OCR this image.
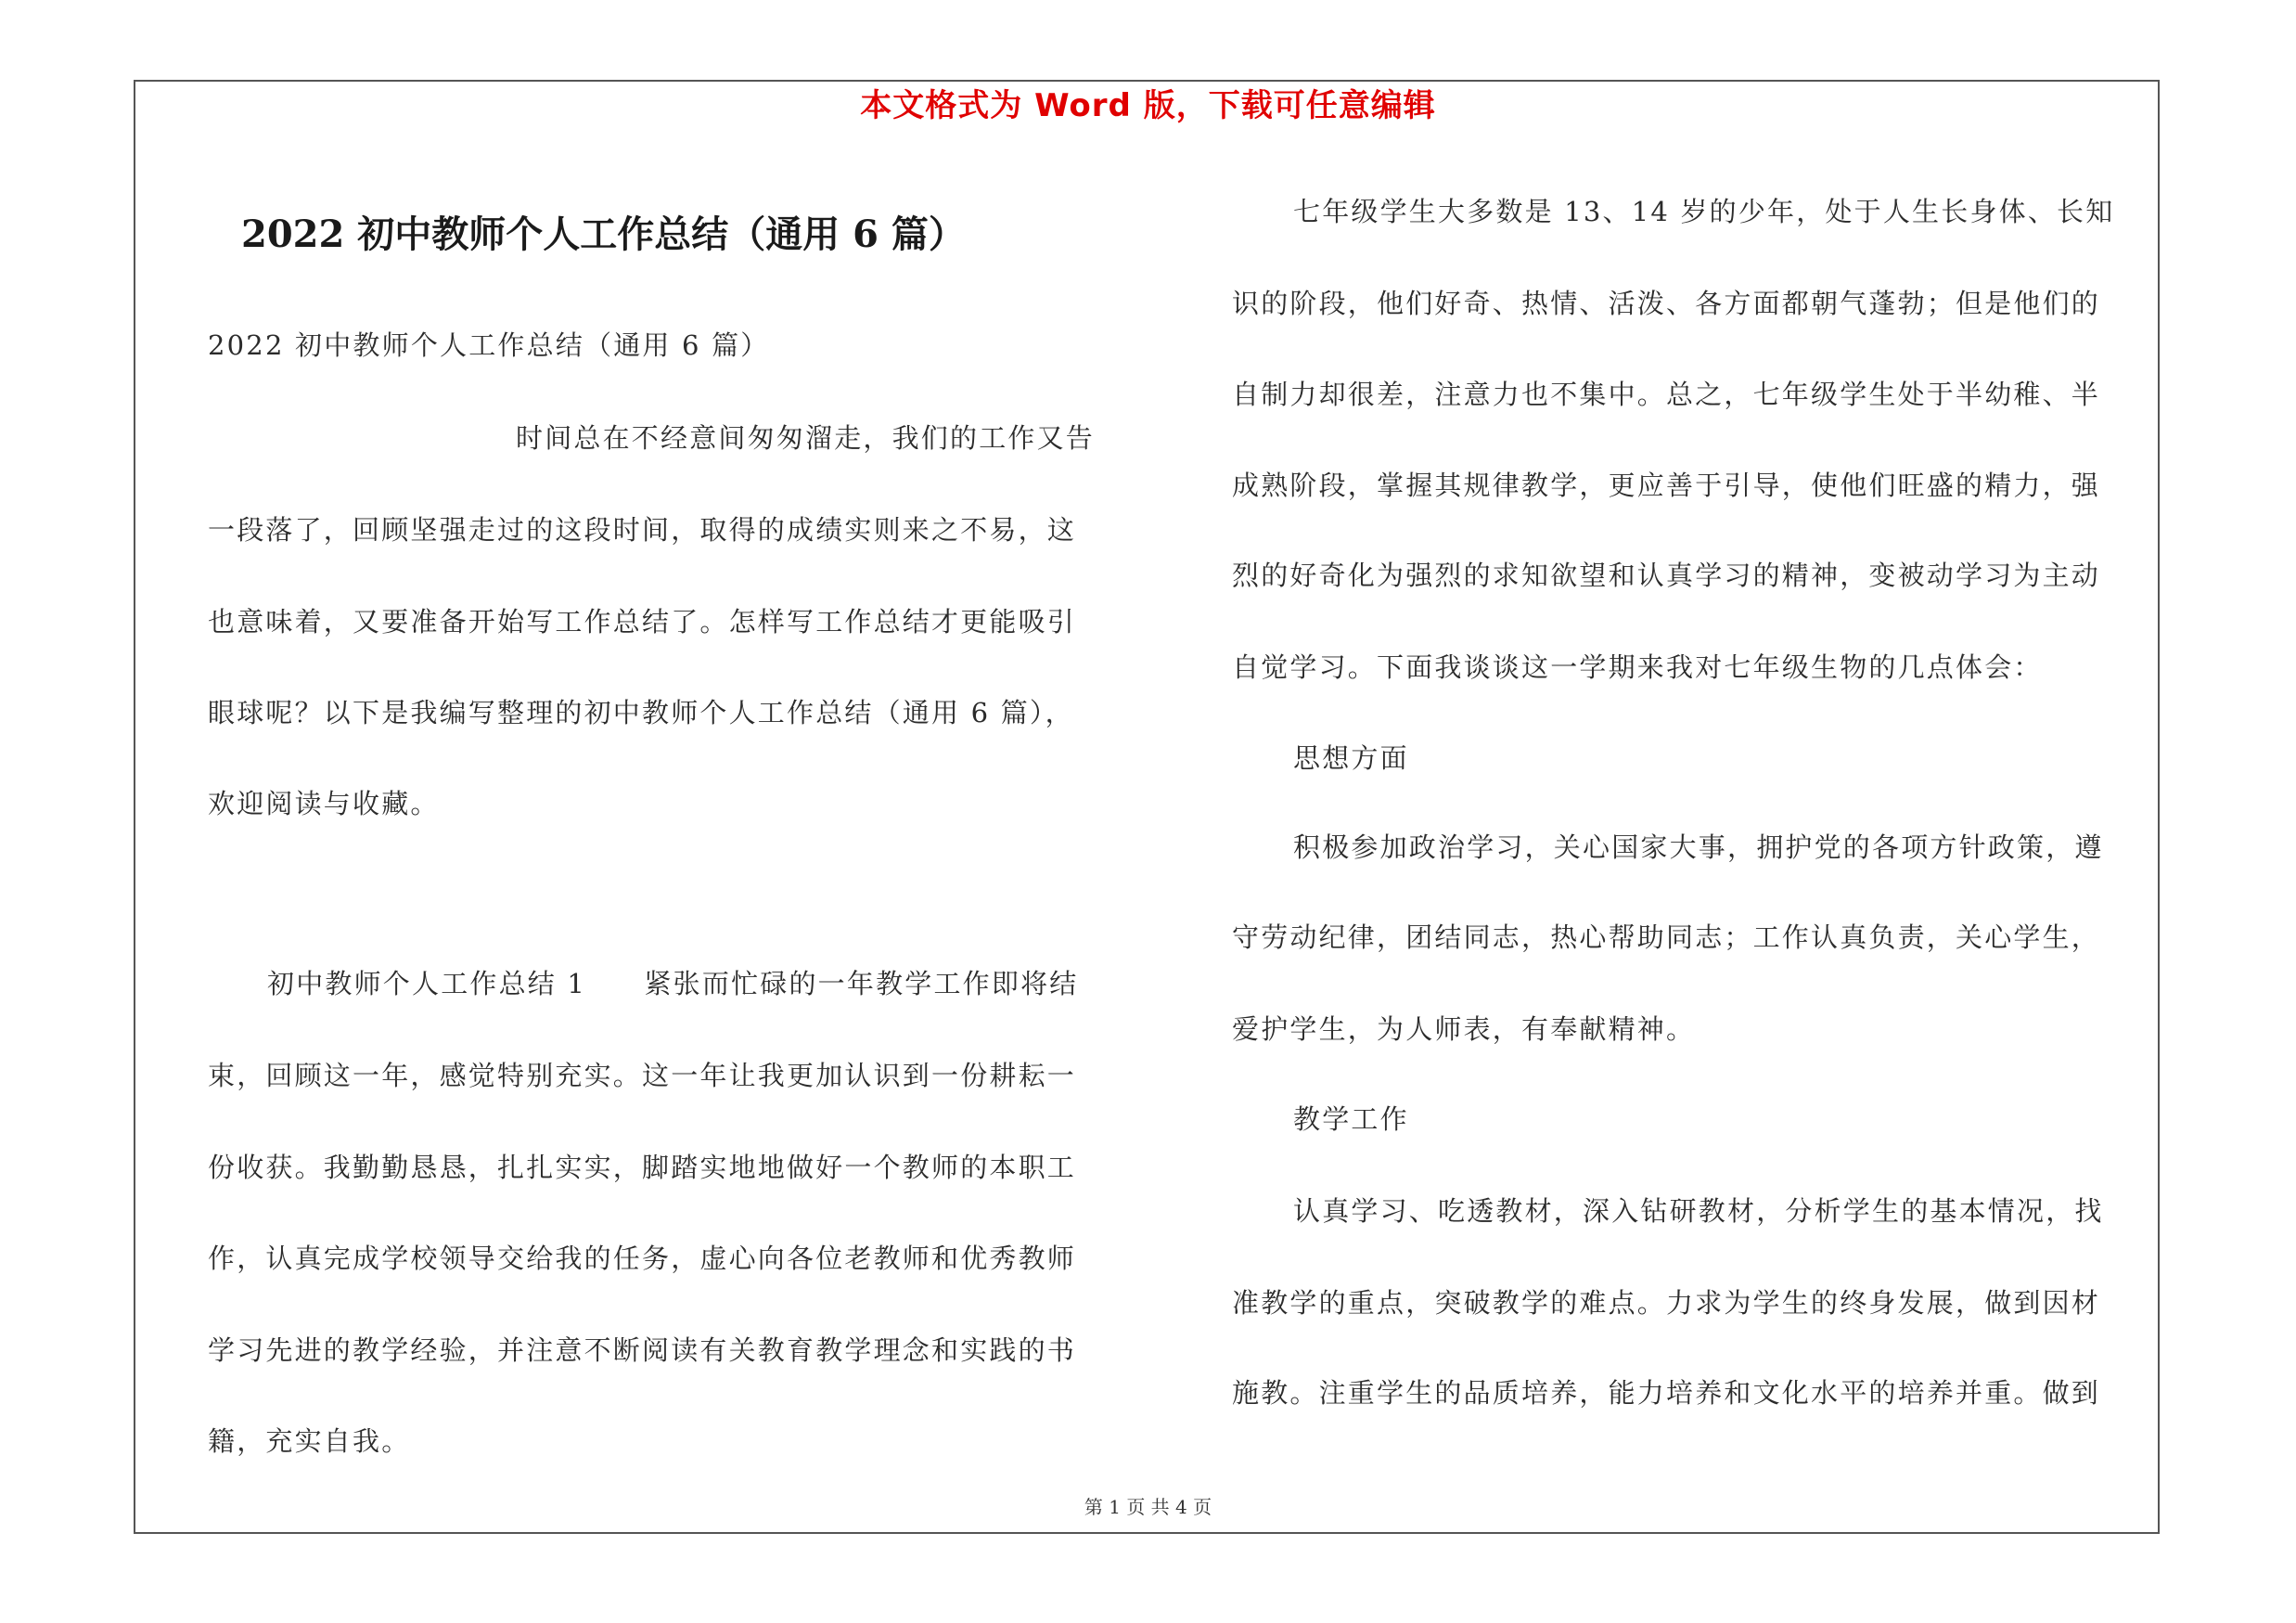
本文格式为 Word 版，下载可任意编辑
2022 初中教师个人工作总结（通用 6 篇）
2022 初中教师个人工作总结（通用 6 篇）
时间总在不经意间匆匆溜走，我们的工作又告
一段落了，回顾坚强走过的这段时间，取得的成绩实则来之不易，这
也意味着，又要准备开始写工作总结了。怎样写工作总结才更能吸引
眼球呢？以下是我编写整理的初中教师个人工作总结（通用 6 篇），
欢迎阅读与收藏。
初中教师个人工作总结 1　　紧张而忙碌的一年教学工作即将结
束，回顾这一年，感觉特别充实。这一年让我更加认识到一份耕耘一
份收获。我勤勤恳恳，扎扎实实，脚踏实地地做好一个教师的本职工
作，认真完成学校领导交给我的任务，虚心向各位老教师和优秀教师
学习先进的教学经验，并注意不断阅读有关教育教学理念和实践的书
籍，充实自我。
七年级学生大多数是 13、14 岁的少年，处于人生长身体、长知
识的阶段，他们好奇、热情、活泼、各方面都朝气蓬勃；但是他们的
自制力却很差，注意力也不集中。总之，七年级学生处于半幼稚、半
成熟阶段，掌握其规律教学，更应善于引导，使他们旺盛的精力，强
烈的好奇化为强烈的求知欲望和认真学习的精神，变被动学习为主动
自觉学习。下面我谈谈这一学期来我对七年级生物的几点体会：
思想方面
积极参加政治学习，关心国家大事，拥护党的各项方针政策，遵
守劳动纪律，团结同志，热心帮助同志；工作认真负责，关心学生，
爱护学生，为人师表，有奉献精神。
教学工作
认真学习、吃透教材，深入钻研教材，分析学生的基本情况，找
准教学的重点，突破教学的难点。力求为学生的终身发展，做到因材
施教。注重学生的品质培养，能力培养和文化水平的培养并重。做到
第 1 页 共 4 页
